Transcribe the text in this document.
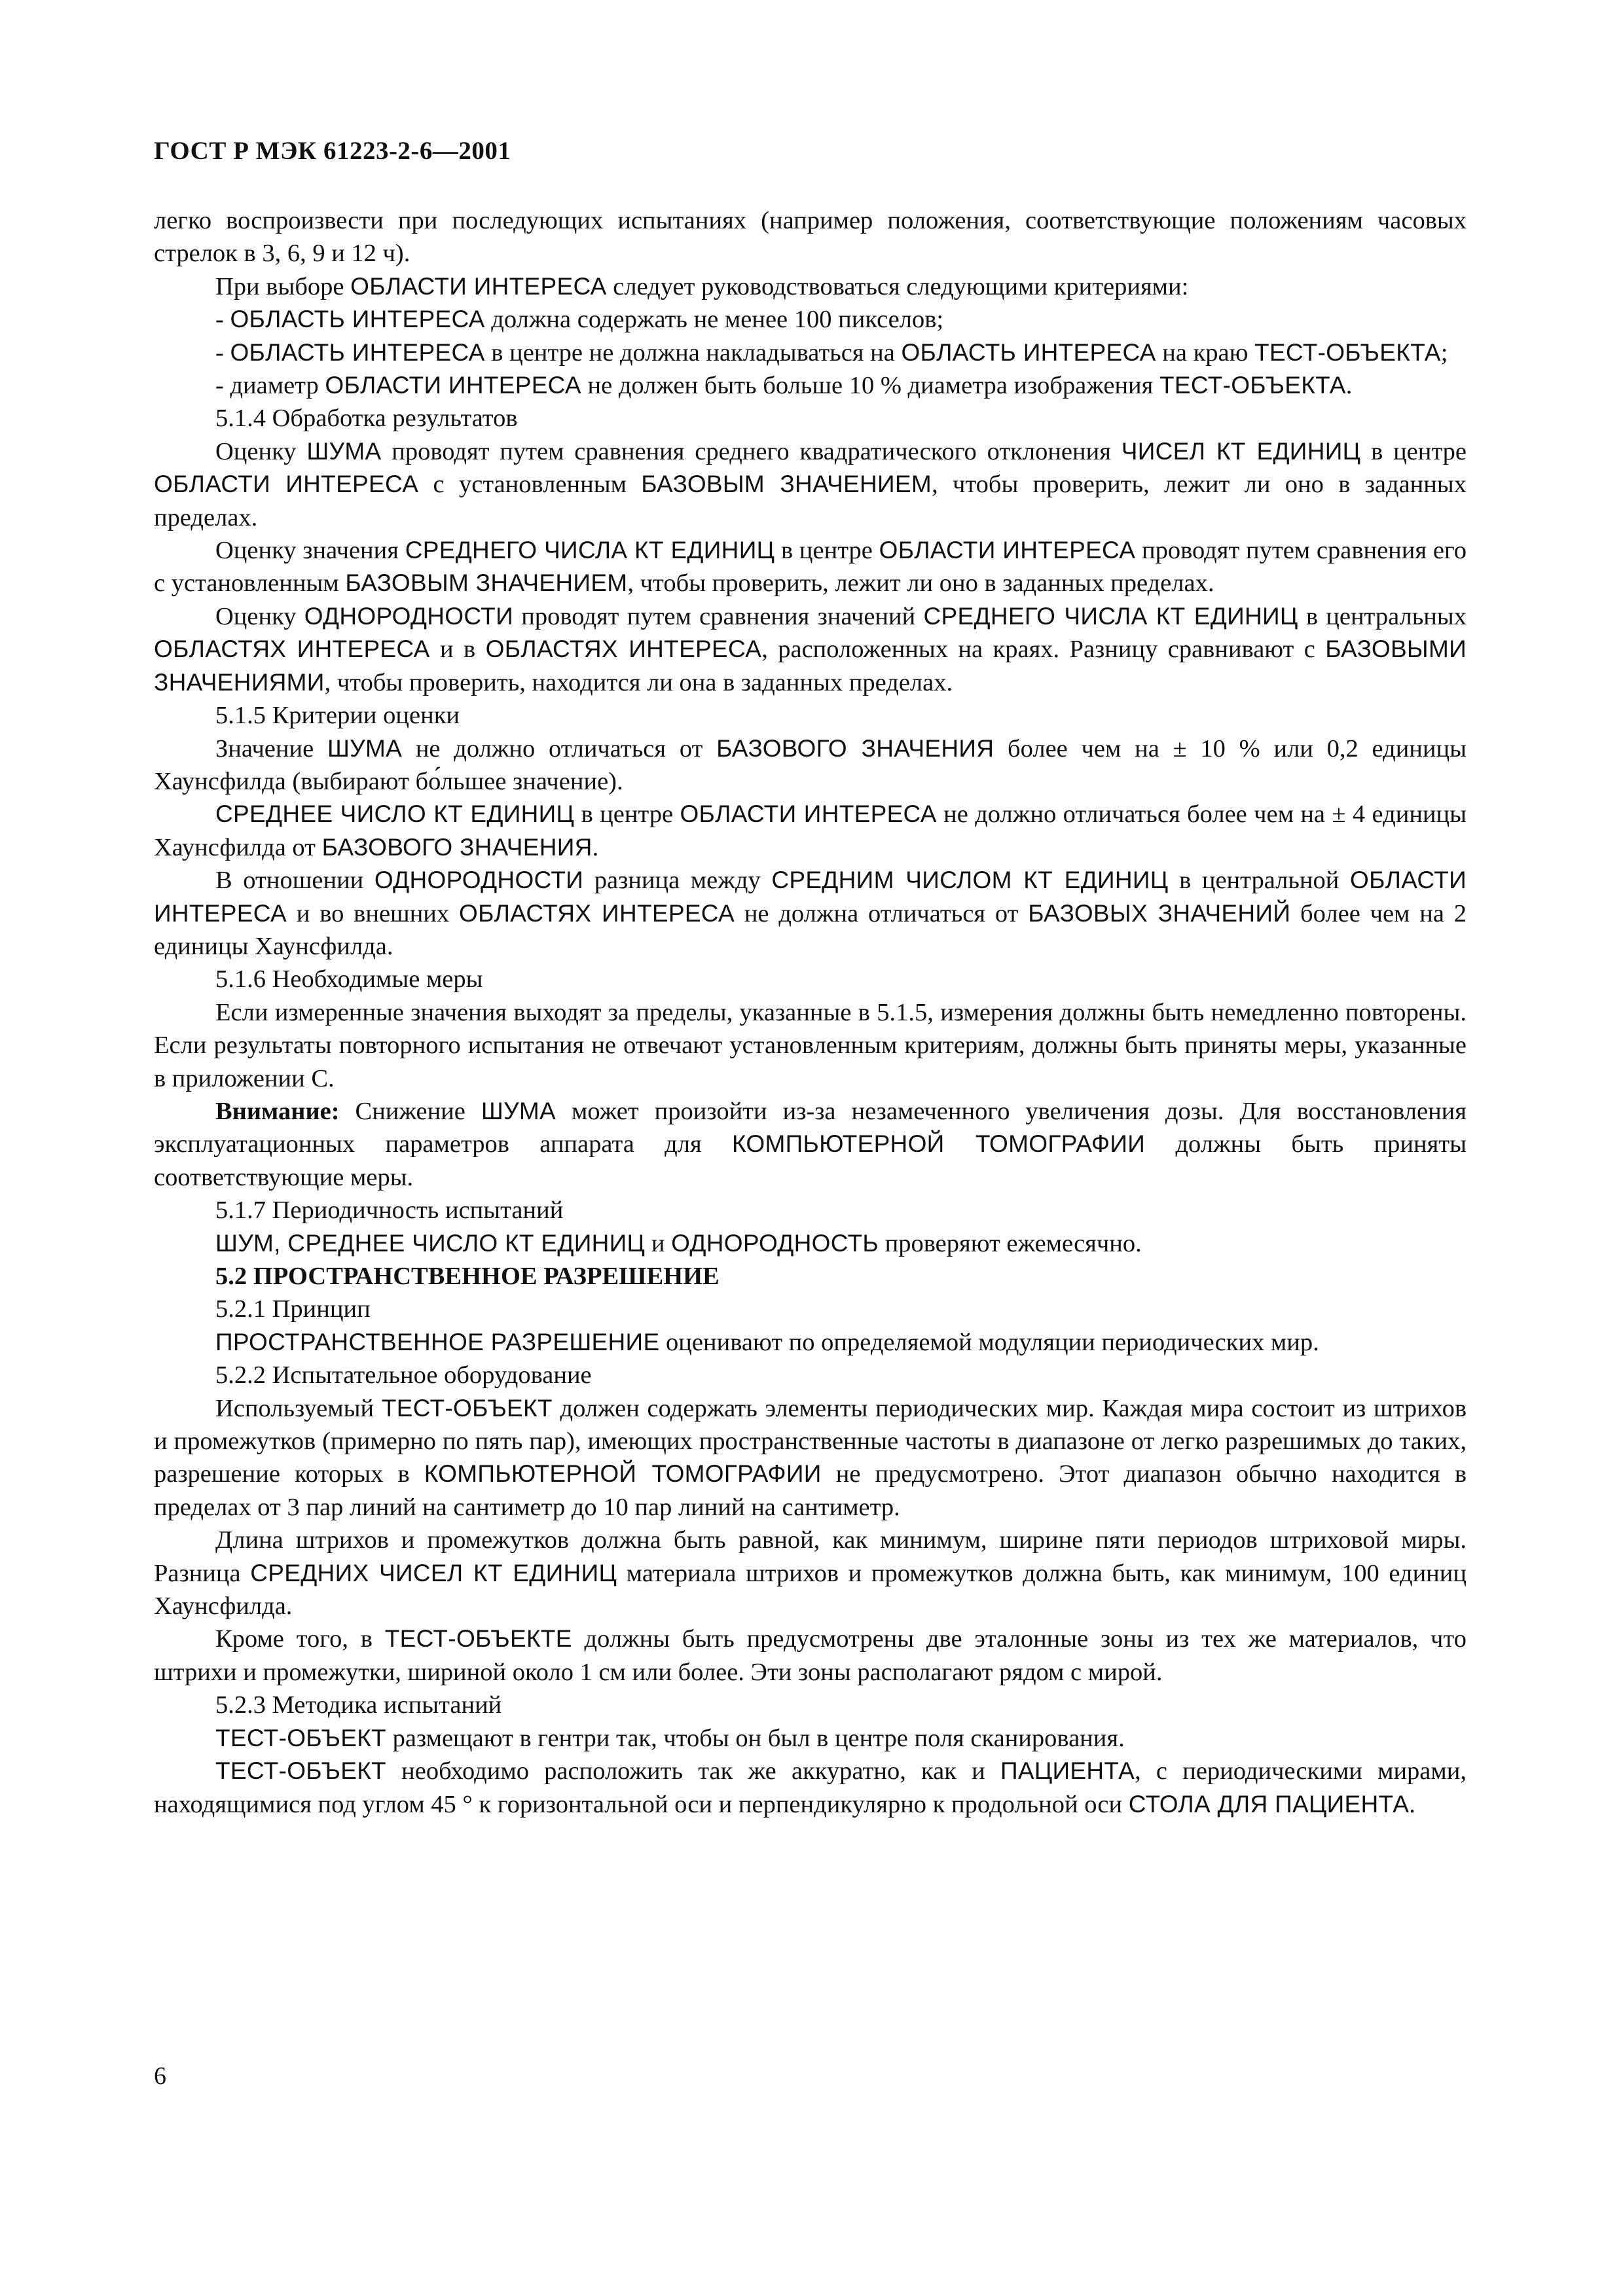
ГОСТ Р МЭК 61223-2-6—2001

легко воспроизвести при последующих испытаниях (например положения, соответствующие положениям часовых стрелок в 3, 6, 9 и 12 ч).

При выборе ОБЛАСТИ ИНТЕРЕСА следует руководствоваться следующими критериями:

- ОБЛАСТЬ ИНТЕРЕСА должна содержать не менее 100 пикселов;

- ОБЛАСТЬ ИНТЕРЕСА в центре не должна накладываться на ОБЛАСТЬ ИНТЕРЕСА на краю ТЕСТ-ОБЪЕКТА;

- диаметр ОБЛАСТИ ИНТЕРЕСА не должен быть больше 10 % диаметра изображения ТЕСТ-ОБЪЕКТА.

5.1.4 Обработка результатов

Оценку ШУМА проводят путем сравнения среднего квадратического отклонения ЧИСЕЛ КТ ЕДИНИЦ в центре ОБЛАСТИ ИНТЕРЕСА с установленным БАЗОВЫМ ЗНАЧЕНИЕМ, чтобы проверить, лежит ли оно в заданных пределах.

Оценку значения СРЕДНЕГО ЧИСЛА КТ ЕДИНИЦ в центре ОБЛАСТИ ИНТЕРЕСА проводят путем сравнения его с установленным БАЗОВЫМ ЗНАЧЕНИЕМ, чтобы проверить, лежит ли оно в заданных пределах.

Оценку ОДНОРОДНОСТИ проводят путем сравнения значений СРЕДНЕГО ЧИСЛА КТ ЕДИНИЦ в центральных ОБЛАСТЯХ ИНТЕРЕСА и в ОБЛАСТЯХ ИНТЕРЕСА, расположенных на краях. Разницу сравнивают с БАЗОВЫМИ ЗНАЧЕНИЯМИ, чтобы проверить, находится ли она в заданных пределах.

5.1.5 Критерии оценки

Значение ШУМА не должно отличаться от БАЗОВОГО ЗНАЧЕНИЯ более чем на ± 10 % или 0,2 единицы Хаунсфилда (выбирают бо́льшее значение).

СРЕДНЕЕ ЧИСЛО КТ ЕДИНИЦ в центре ОБЛАСТИ ИНТЕРЕСА не должно отличаться более чем на ± 4 единицы Хаунсфилда от БАЗОВОГО ЗНАЧЕНИЯ.

В отношении ОДНОРОДНОСТИ разница между СРЕДНИМ ЧИСЛОМ КТ ЕДИНИЦ в центральной ОБЛАСТИ ИНТЕРЕСА и во внешних ОБЛАСТЯХ ИНТЕРЕСА не должна отличаться от БАЗОВЫХ ЗНАЧЕНИЙ более чем на 2 единицы Хаунсфилда.

5.1.6 Необходимые меры

Если измеренные значения выходят за пределы, указанные в 5.1.5, измерения должны быть немедленно повторены. Если результаты повторного испытания не отвечают установленным критериям, должны быть приняты меры, указанные в приложении С.

Внимание: Снижение ШУМА может произойти из-за незамеченного увеличения дозы. Для восстановления эксплуатационных параметров аппарата для КОМПЬЮТЕРНОЙ ТОМОГРАФИИ должны быть приняты соответствующие меры.

5.1.7 Периодичность испытаний

ШУМ, СРЕДНЕЕ ЧИСЛО КТ ЕДИНИЦ и ОДНОРОДНОСТЬ проверяют ежемесячно.

5.2 ПРОСТРАНСТВЕННОЕ РАЗРЕШЕНИЕ

5.2.1 Принцип

ПРОСТРАНСТВЕННОЕ РАЗРЕШЕНИЕ оценивают по определяемой модуляции периодических мир.

5.2.2 Испытательное оборудование

Используемый ТЕСТ-ОБЪЕКТ должен содержать элементы периодических мир. Каждая мира состоит из штрихов и промежутков (примерно по пять пар), имеющих пространственные частоты в диапазоне от легко разрешимых до таких, разрешение которых в КОМПЬЮТЕРНОЙ ТОМОГРАФИИ не предусмотрено. Этот диапазон обычно находится в пределах от 3 пар линий на сантиметр до 10 пар линий на сантиметр.

Длина штрихов и промежутков должна быть равной, как минимум, ширине пяти периодов штриховой миры. Разница СРЕДНИХ ЧИСЕЛ КТ ЕДИНИЦ материала штрихов и промежутков должна быть, как минимум, 100 единиц Хаунсфилда.

Кроме того, в ТЕСТ-ОБЪЕКТЕ должны быть предусмотрены две эталонные зоны из тех же материалов, что штрихи и промежутки, шириной около 1 см или более. Эти зоны располагают рядом с мирой.

5.2.3 Методика испытаний

ТЕСТ-ОБЪЕКТ размещают в гентри так, чтобы он был в центре поля сканирования.

ТЕСТ-ОБЪЕКТ необходимо расположить так же аккуратно, как и ПАЦИЕНТА, с периодическими мирами, находящимися под углом 45 ° к горизонтальной оси и перпендикулярно к продольной оси СТОЛА ДЛЯ ПАЦИЕНТА.

6
